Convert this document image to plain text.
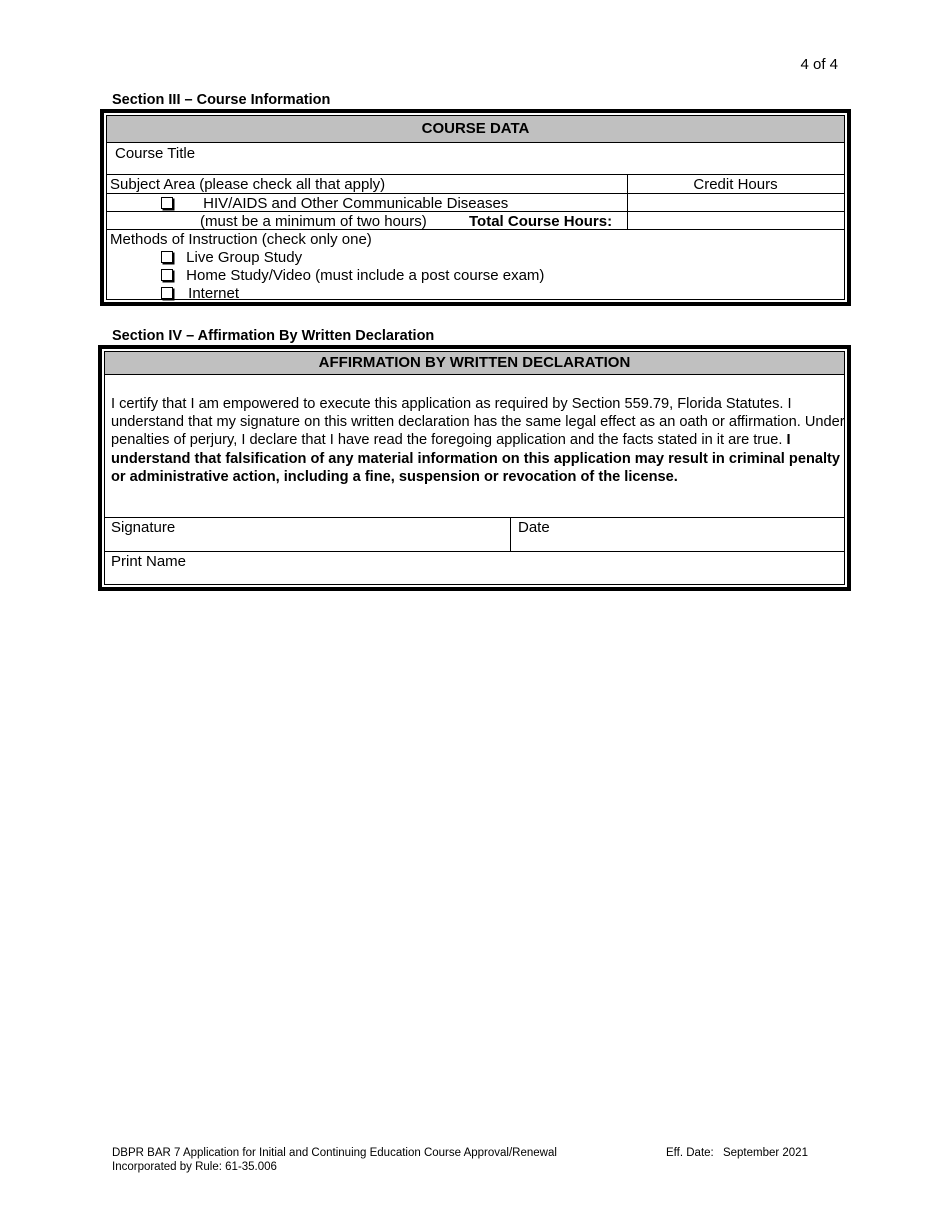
4 of 4
Section III – Course Information
COURSE DATA
Course Title
Subject Area (please check all that apply)	Credit Hours
HIV/AIDS and Other Communicable Diseases
(must be a minimum of two hours)	Total Course Hours:
Methods of Instruction (check only one)
Live Group Study
Home Study/Video (must include a post course exam)
Internet
Section IV – Affirmation By Written Declaration
AFFIRMATION BY WRITTEN DECLARATION
I certify that I am empowered to execute this application as required by Section 559.79, Florida Statutes. I understand that my signature on this written declaration has the same legal effect as an oath or affirmation. Under penalties of perjury, I declare that I have read the foregoing application and the facts stated in it are true. I understand that falsification of any material information on this application may result in criminal penalty or administrative action, including a fine, suspension or revocation of the license.
Signature	Date
Print Name
DBPR BAR 7 Application for Initial and Continuing Education Course Approval/Renewal
Incorporated by Rule: 61-35.006
Eff. Date: September 2021
